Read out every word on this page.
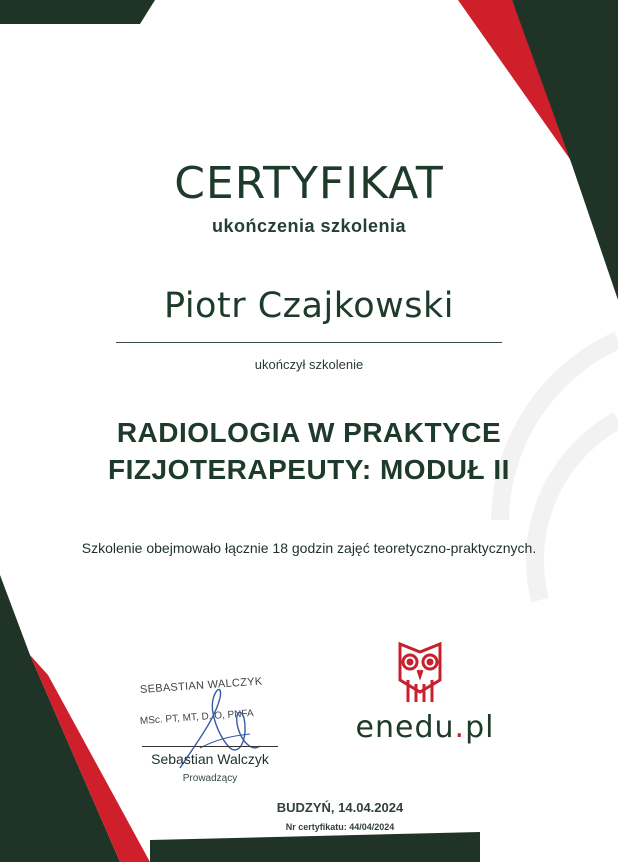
CERTYFIKAT
ukończenia szkolenia
Piotr Czajkowski
ukończył szkolenie
RADIOLOGIA W PRAKTYCE
FIZJOTERAPEUTY: MODUŁ II
Szkolenie obejmowało łącznie 18 godzin zajęć teoretyczno-praktycznych.
SEBASTIAN WALCZYK
MSc. PT, MT, D. O, PNFA
Sebastian Walczyk
Prowadzący
enedu.pl
BUDZYŃ, 14.04.2024
Nr certyfikatu: 44/04/2024
